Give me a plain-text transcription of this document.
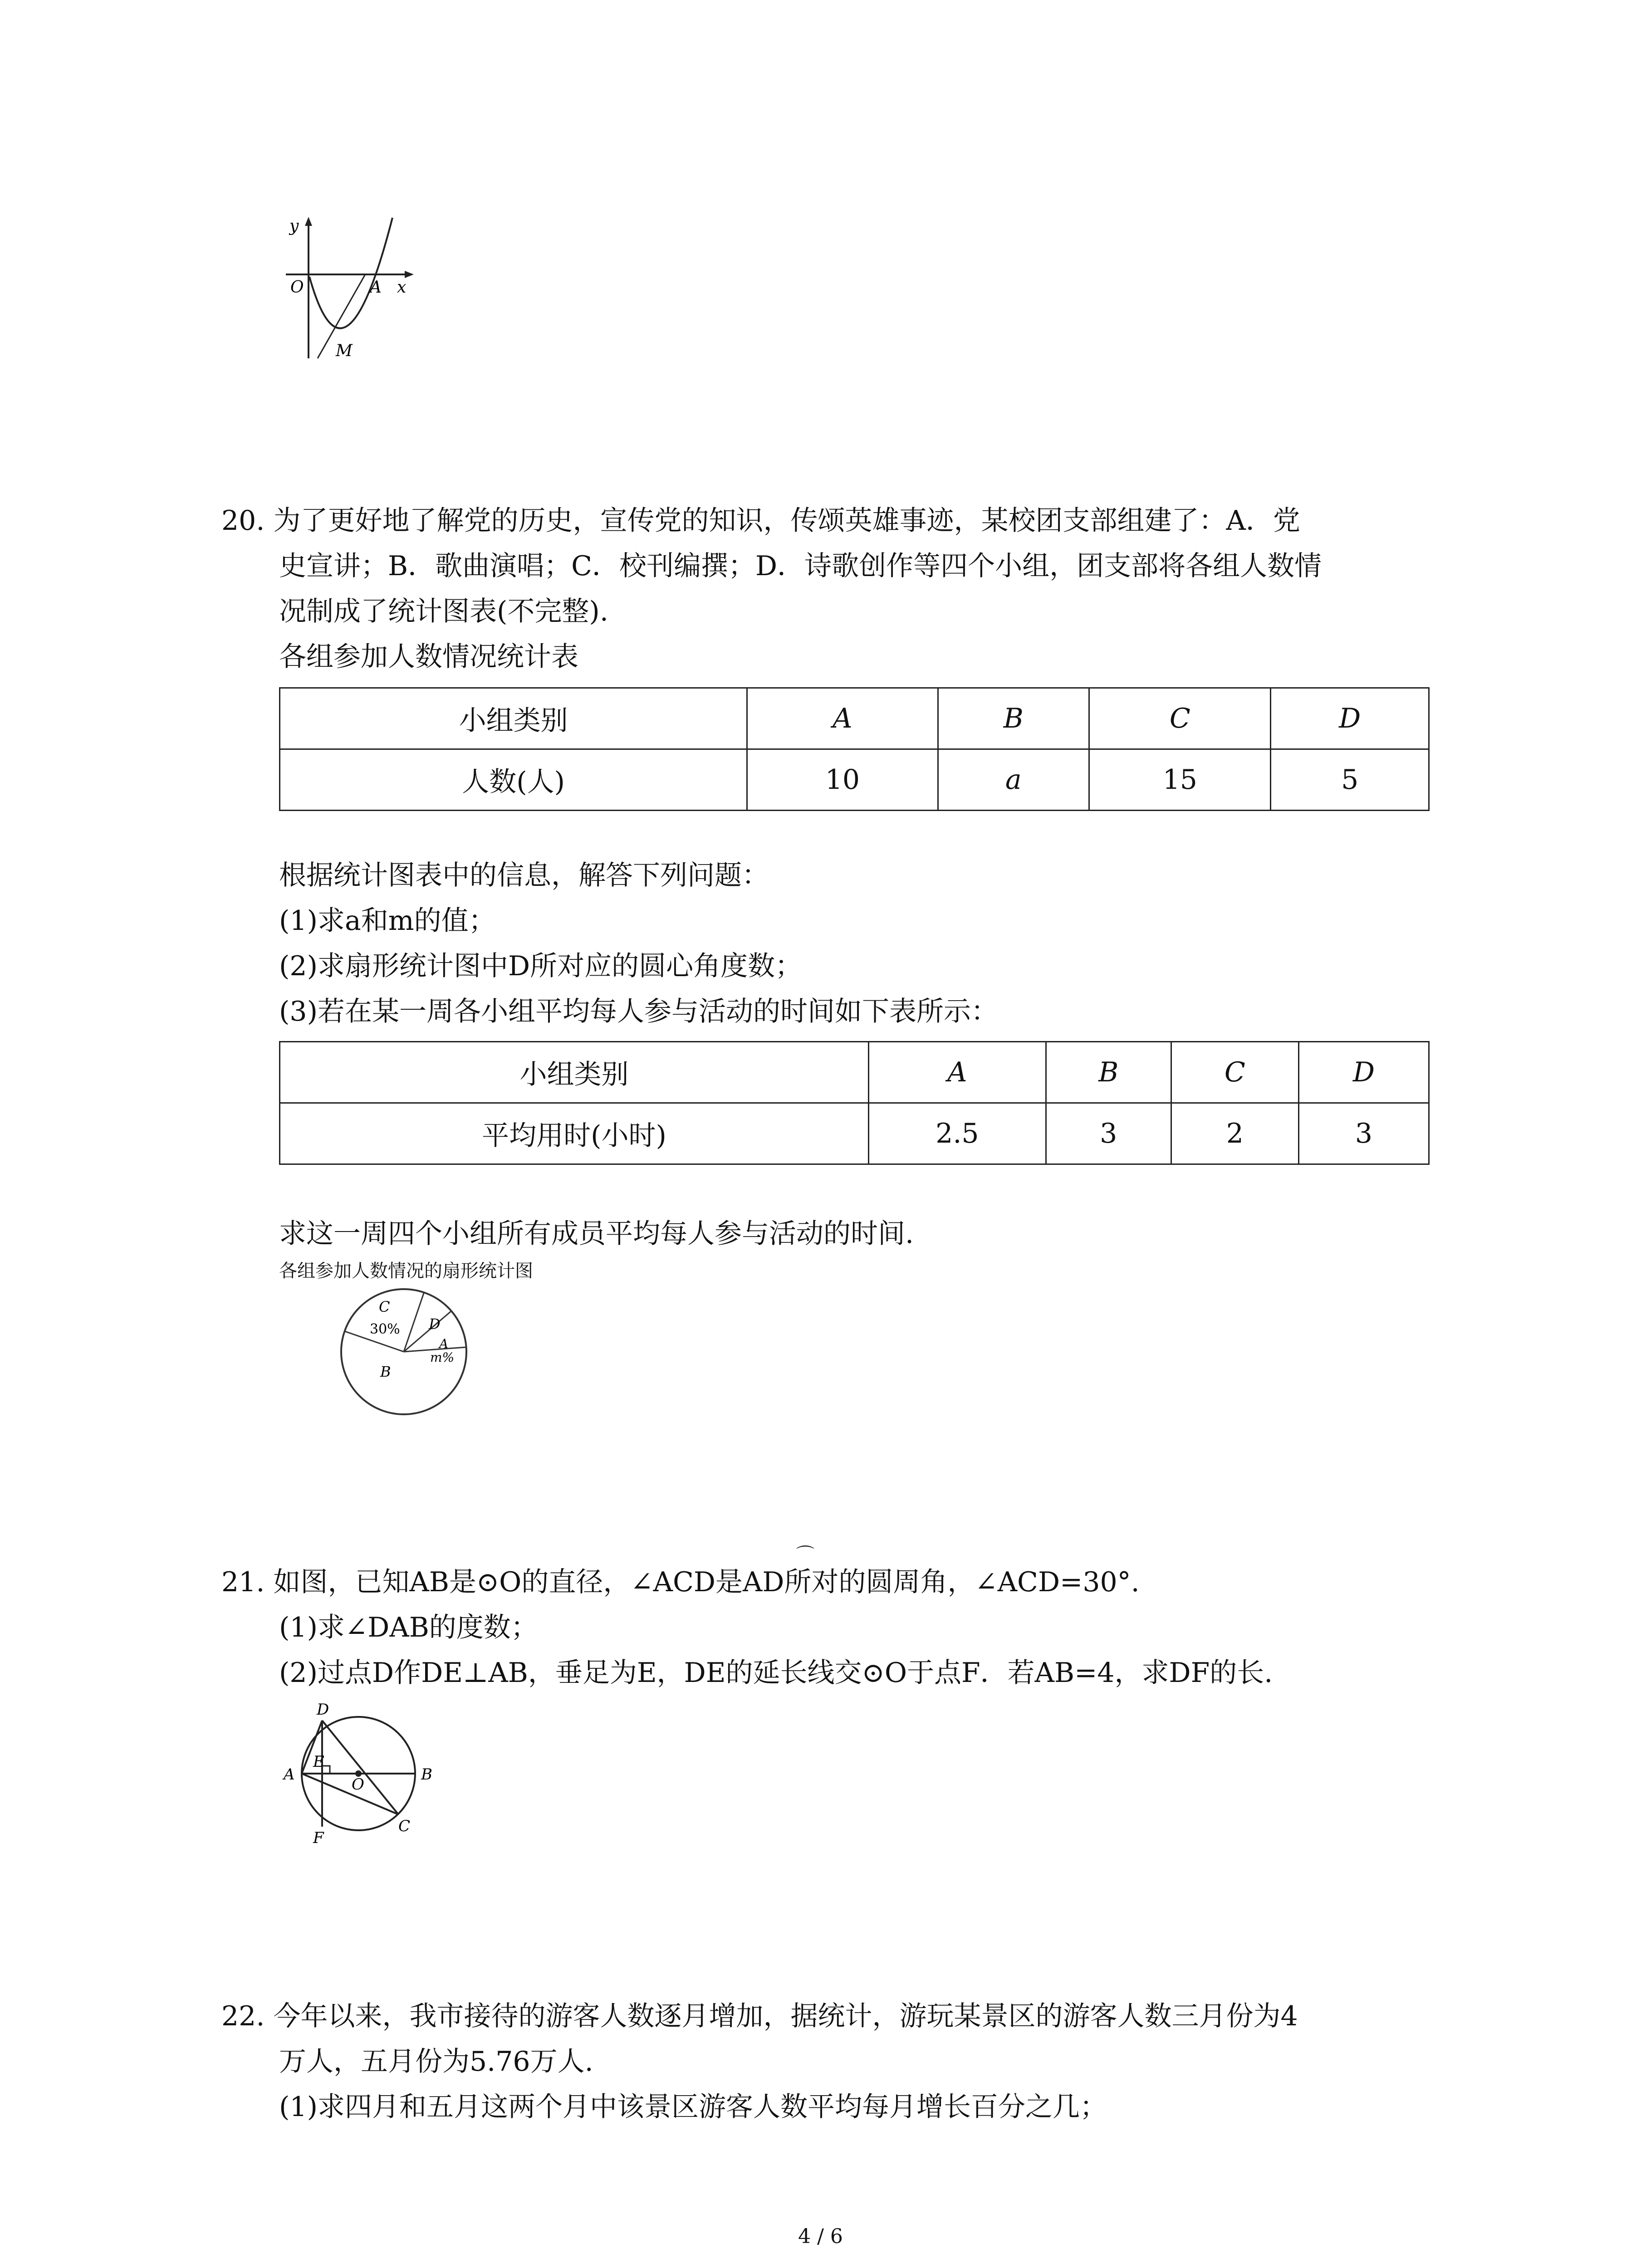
y
O	A x
M
20. 为了更好地了解党的历史，宣传党的知识，传颂英雄事迹，某校团支部组建了：A．党
史宣讲；B．歌曲演唱；C．校刊编撰；D．诗歌创作等四个小组，团支部将各组人数情
况制成了统计图表(不完整).
各组参加人数情况统计表
小组类别	A	B	C	D
人数(人)	10	a	15	5
根据统计图表中的信息，解答下列问题：
(1)求a和m的值；
(2)求扇形统计图中D所对应的圆心角度数；
(3)若在某一周各小组平均每人参与活动的时间如下表所示：
小组类别	A	B	C	D
平均用时(小时)	2.5	3	2	3
求这一周四个小组所有成员平均每人参与活动的时间.
各组参加人数情况的扇形统计图
C
30% D
A
m%
B
⌒
21. 如图，已知AB是⊙O的直径，∠ACD是AD所对的圆周角，∠ACD=30°.
(1)求∠DAB的度数；
(2)过点D作DE⊥AB，垂足为E，DE的延长线交⊙O于点F．若AB=4，求DF的长.
D
E
A
O
B
F
C
22. 今年以来，我市接待的游客人数逐月增加，据统计，游玩某景区的游客人数三月份为4
万人，五月份为5.76万人.
(1)求四月和五月这两个月中该景区游客人数平均每月增长百分之几；
4 / 6
